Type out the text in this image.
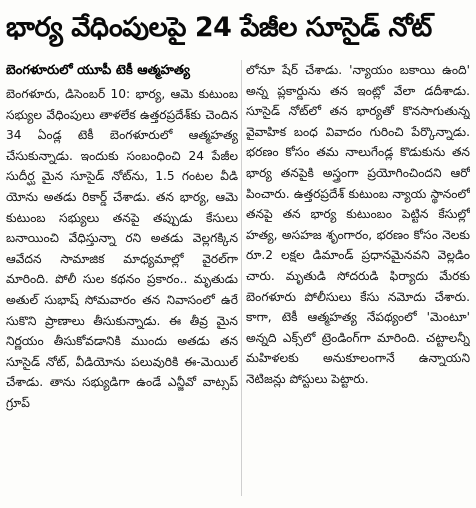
భార్య వేధింపులపై 24 పేజీల సూసైడ్ నోట్
బెంగళూరులో యూపీ టెకీ ఆత్మహత్య

బెంగళూరు, డిసెంబర్ 10: భార్య, ఆమె కుటుంబ సభ్యుల వేధింపులు తాళలేక ఉత్తరప్రదేశ్‌కు చెందిన 34 ఏండ్ల టెకీ బెంగళూరులో ఆత్మహత్య చేసుకున్నాడు. ఇందుకు సంబంధించి 24 పేజీల సుదీర్ఘ మైన సూసైడ్ నోట్‌ను, 1.5 గంటల వీడి యోను అతడు రికార్డ్ చేశాడు. తన భార్య, ఆమె కుటుంబ సభ్యులు తనపై తప్పుడు కేసులు బనాయించి వేధిస్తున్నా రని అతడు వెల్లగక్కిన ఆవేదన సామాజిక మాధ్యమాల్లో వైరల్‌గా మారింది. పోలీ సుల కథనం ప్రకారం.. మృతుడు అతుల్ సుభాష్ సోమవారం తన నివాసంలో ఉరే సుకొని ప్రాణాలు తీసుకున్నాడు. ఈ తీవ్ర మైన నిర్ణయం తీసుకోవడానికి ముందు అతడు తన సూసైడ్ నోట్, వీడియోను పలువురికి ఈ-మెయిల్ చేశాడు. తాను సభ్యుడిగా ఉండే ఎన్జీవో వాట్సప్ గ్రూప్

లోనూ షేర్ చేశాడు. 'న్యాయం బకాయి ఉంది' అన్న ప్లకార్డును తన ఇంట్లో వేలా డదీశాడు. సూసైడ్ నోట్‌లో తన భార్యతో కొనసాగుతున్న వైవాహిక బంధ వివాదం గురించి పేర్కొన్నాడు. భరణం కోసం తమ నాలుగేండ్ల కొడుకును తన భార్య తనపైకి అస్త్రంగా ప్రయోగించిందని ఆరో పించారు. ఉత్తరప్రదేశ్ కుటుంబ న్యాయ స్థానంలో తనపై తన భార్య కుటుంబం పెట్టిన కేసుల్లో హత్య, అసహజ శృంగారం, భరణం కోసం నెలకు రూ.2 లక్షల డిమాండ్ ప్రధానమైనవని వెల్లడిం చారు. మృతుడి సోదరుడి ఫిర్యాదు మేరకు బెంగళూరు పోలీసులు కేసు నమోదు చేశారు. కాగా, టెకీ ఆత్మహత్య నేపథ్యంలో 'మెంటూ' అన్నది ఎక్స్‌లో ట్రెండింగ్‌గా మారింది. చట్టాలన్నీ మహిళలకు అనుకూలంగానే ఉన్నాయని నెటిజన్లు పోస్టులు పెట్టారు.
